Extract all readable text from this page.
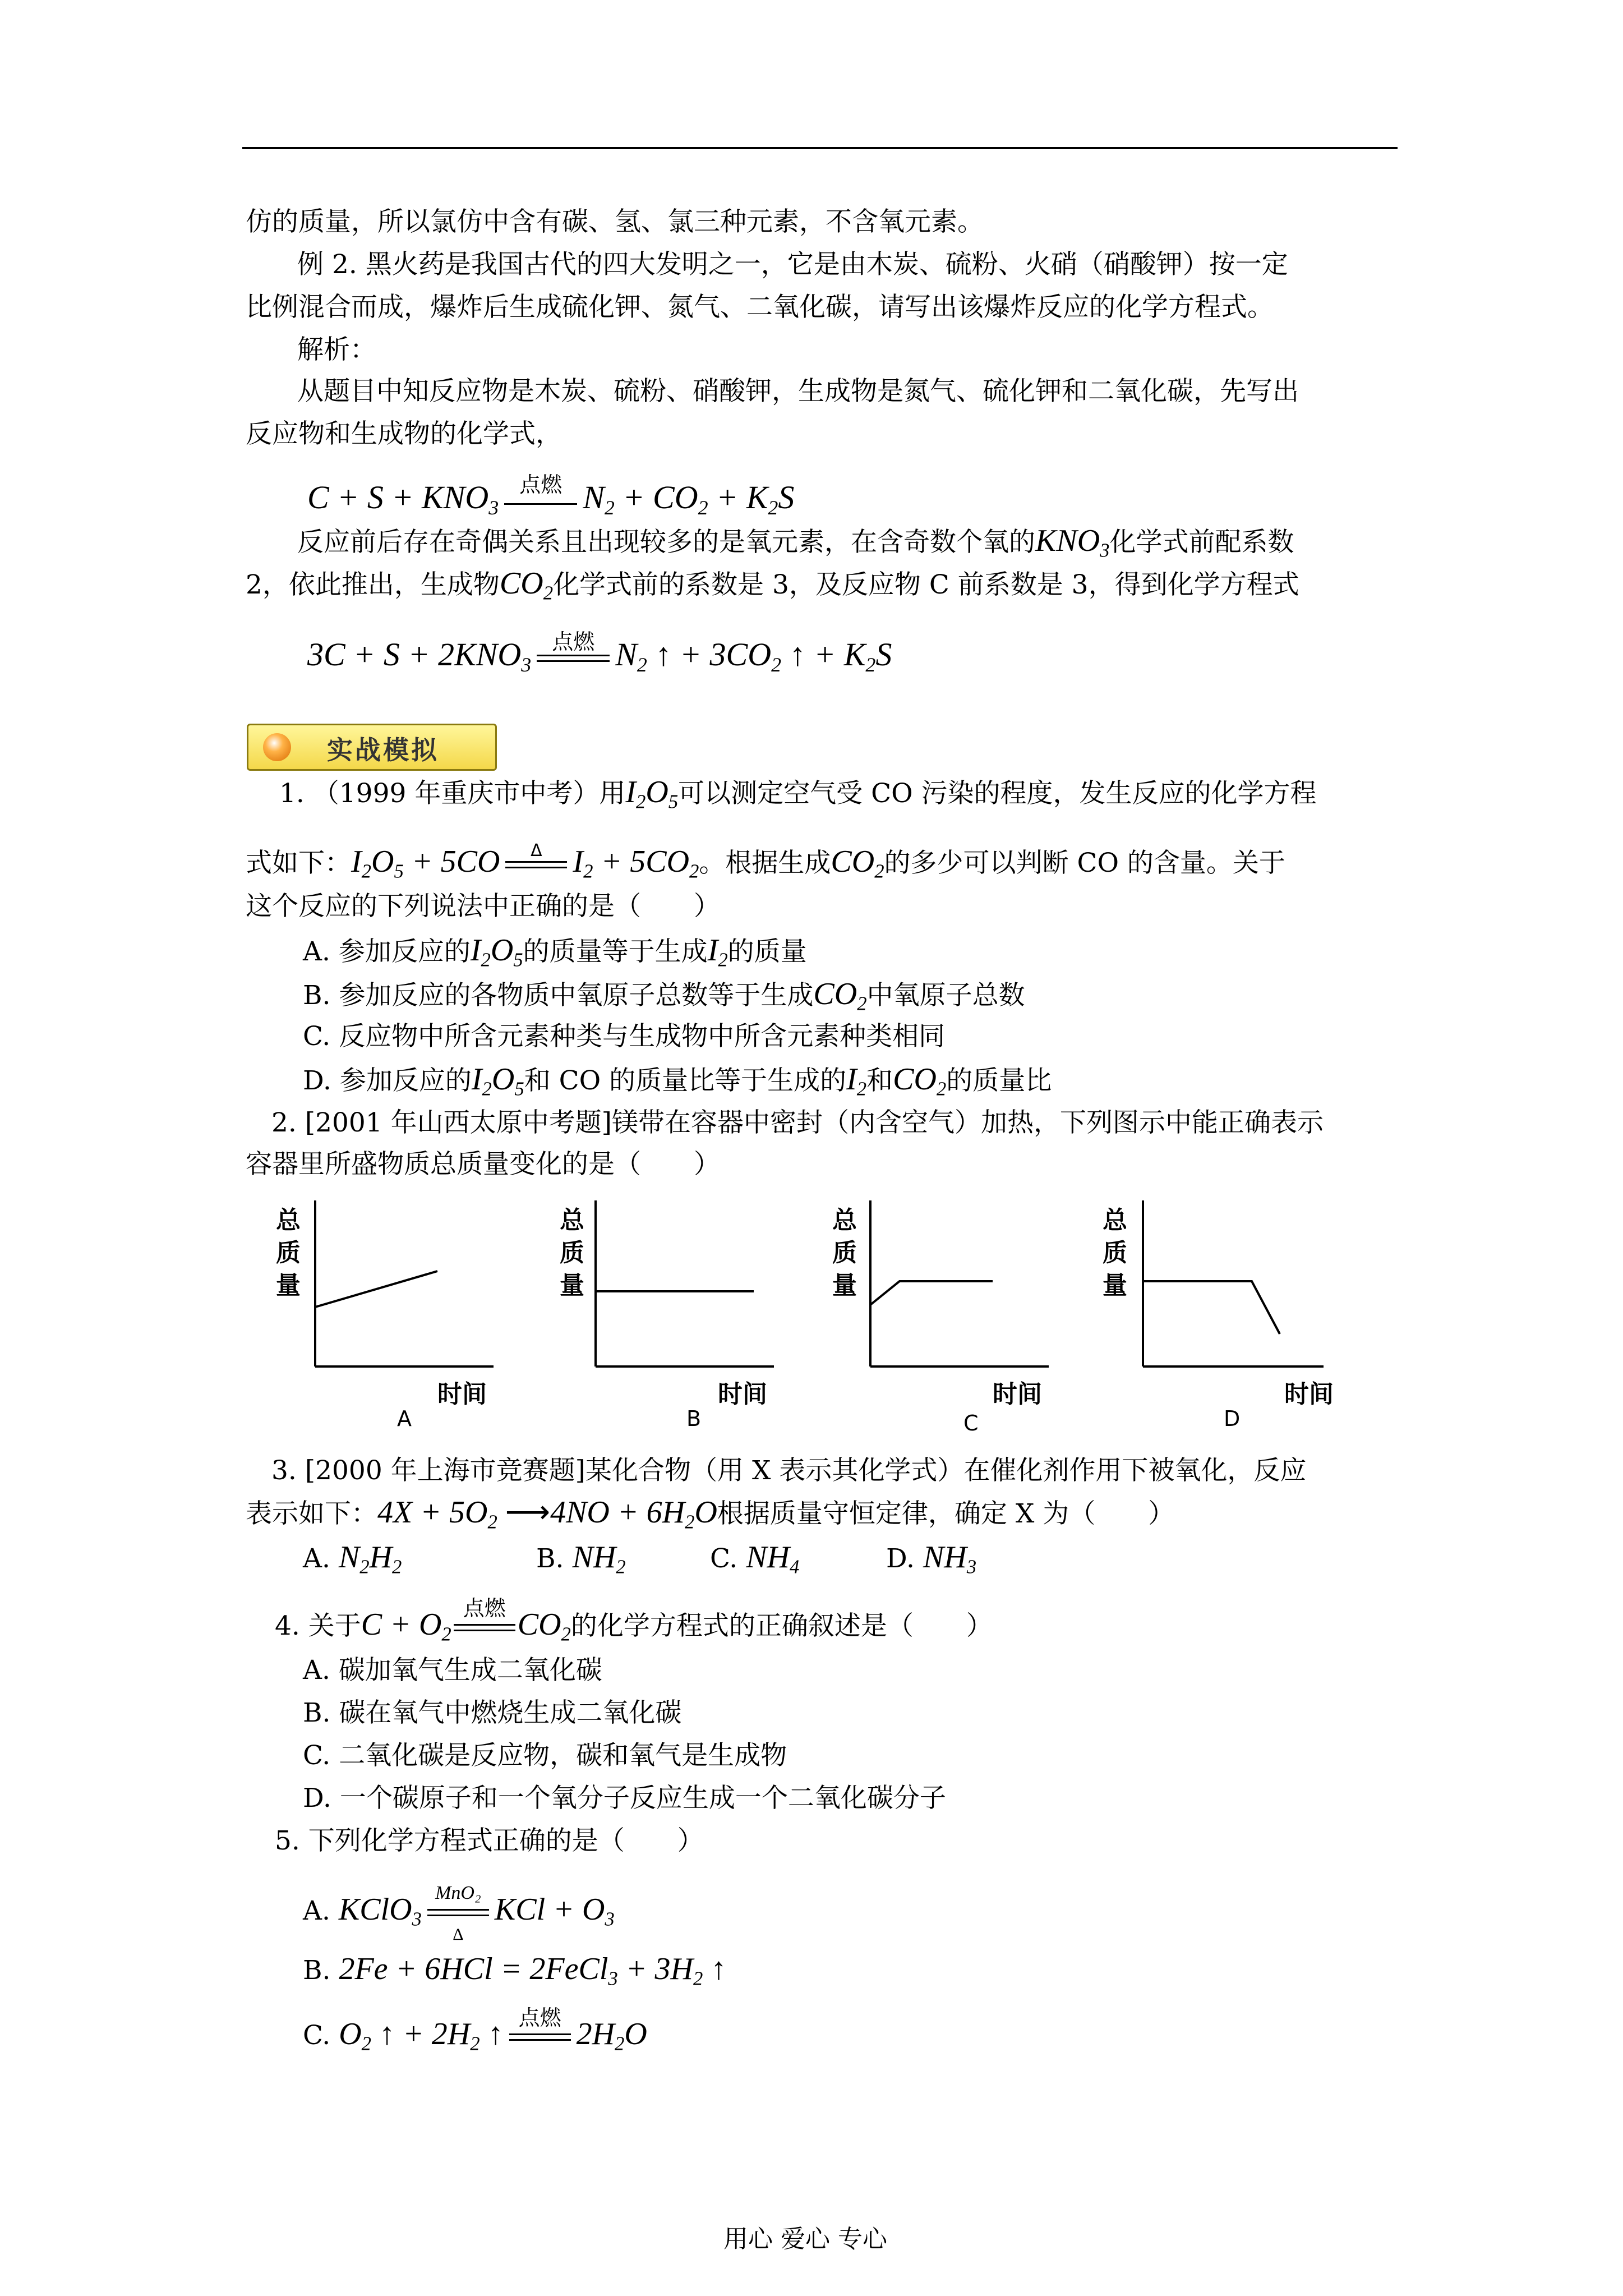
仿的质量，所以氯仿中含有碳、氢、氯三种元素，不含氧元素。
例 2. 黑火药是我国古代的四大发明之一，它是由木炭、硫粉、火硝（硝酸钾）按一定
比例混合而成，爆炸后生成硫化钾、氮气、二氧化碳，请写出该爆炸反应的化学方程式。
解析：
从题目中知反应物是木炭、硫粉、硝酸钾，生成物是氮气、硫化钾和二氧化碳，先写出
反应物和生成物的化学式，
$C + S + KNO_3$
点燃 $N_2 + CO_2 + K_2S$
反应前后存在奇偶关系且出现较多的是氧元素，在含奇数个氧的$KNO_3$化学式前配系数
2，依此推出，生成物$CO_2$化学式前的系数是 3，及反应物 C 前系数是 3，得到化学方程式
$3C + S + 2KNO_3$
点燃 $N_2$ ↑ + $3CO_2$ ↑ + $K_2S$
实战模拟
1. （1999 年重庆市中考）用$I_2O_5$可以测定空气受 CO 污染的程度，发生反应的化学方程
式如下：$I_2O_5 + 5CO$	Δ $I_2 + 5CO_2$。根据生成$CO_2$的多少可以判断 CO 的含量。关于
这个反应的下列说法中正确的是（　　）
A. 参加反应的$I_2O_5$的质量等于生成$I_2$的质量
B. 参加反应的各物质中氧原子总数等于生成$CO_2$中氧原子总数
C. 反应物中所含元素种类与生成物中所含元素种类相同
D. 参加反应的$I_2O_5$和 CO 的质量比等于生成的$I_2$和$CO_2$的质量比
2. [2001 年山西太原中考题]镁带在容器中密封（内含空气）加热，下列图示中能正确表示
容器里所盛物质总质量变化的是（　　）
总
质
量
时间
A
总
质
量
时间
B
总
质
量
时间
C
总
质
量
时间
D
3. [2000 年上海市竞赛题]某化合物（用 X 表示其化学式）在催化剂作用下被氧化，反应
表示如下：$4X + 5O_2$ ⟶4NO + $6H_2O$根据质量守恒定律，确定 X 为（　　）
A. $N_2H_2$	B. $NH_2$	C. $NH_4$	D. $NH_3$
4. 关于$C + O_2$
点燃 $CO_2$的化学方程式的正确叙述是（　　）
A. 碳加氧气生成二氧化碳
B. 碳在氧气中燃烧生成二氧化碳
C. 二氧化碳是反应物，碳和氧气是生成物
D. 一个碳原子和一个氧分子反应生成一个二氧化碳分子
5. 下列化学方程式正确的是（　　）
A. KClO$_3$
MnO₂
Δ
KCl + $O_3$
B. 2Fe + 6HCl = 2FeCl$_3$ + $3H_2$ ↑
C. $O_2$ ↑ + $2H_2$ ↑ 点燃 $2H_2O$
用心 爱心 专心
